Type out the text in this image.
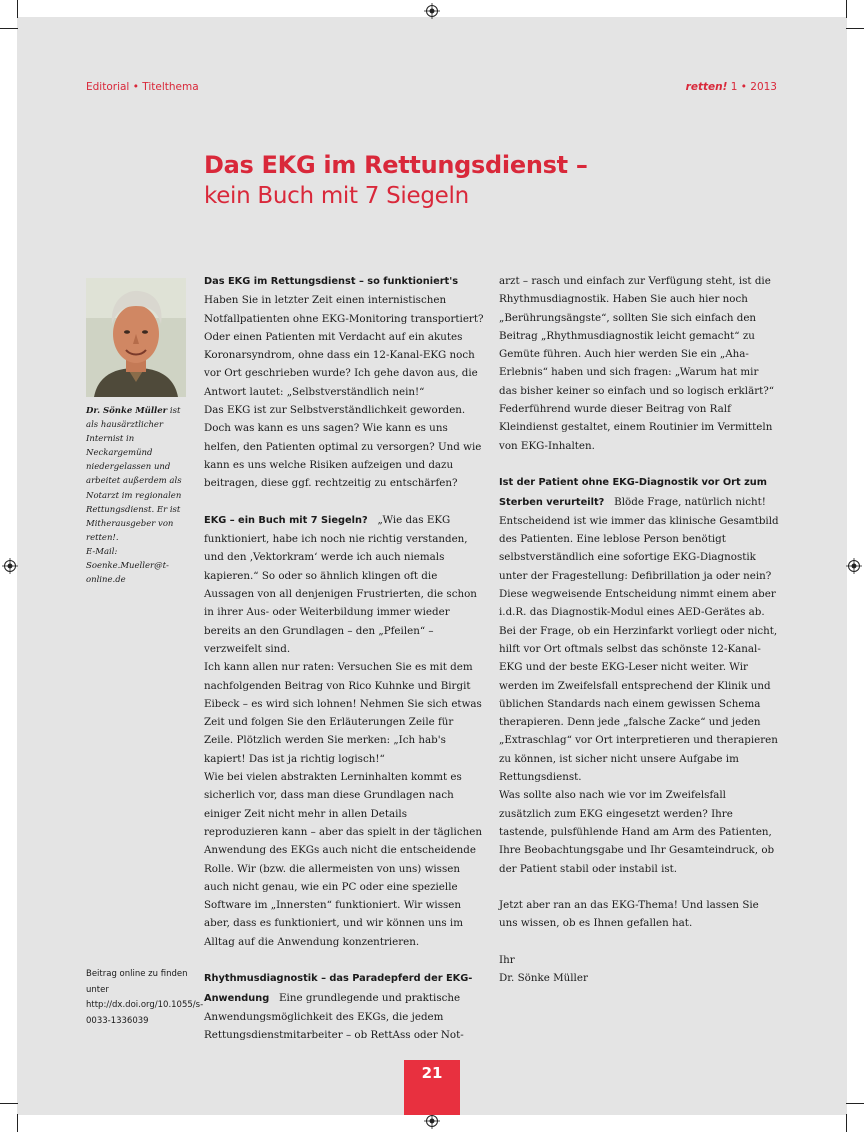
Editorial • Titelthema	retten! 1 • 2013
Das EKG im Rettungsdienst –
kein Buch mit 7 Siegeln
Dr. Sönke Müller ist als hausärztlicher Internist in Neckargemünd niedergelassen und arbeitet außerdem als Notarzt im regionalen Rettungsdienst. Er ist Mitherausgeber von retten!.
E-Mail: Soenke.Mueller@t-online.de
Beitrag online zu finden unter http://dx.doi.org/10.1055/s-0033-1336039

Das EKG im Rettungsdienst – so funktioniert's   Haben Sie in letzter Zeit einen internistischen Notfallpatienten ohne EKG-Monitoring transportiert? Oder einen Patienten mit Verdacht auf ein akutes Koronarsyndrom, ohne dass ein 12-Kanal-EKG noch vor Ort geschrieben wurde? Ich gehe davon aus, die Antwort lautet: „Selbstverständlich nein!“

Das EKG ist zur Selbstverständlichkeit geworden. Doch was kann es uns sagen? Wie kann es uns helfen, den Patienten optimal zu versorgen? Und wie kann es uns welche Risiken aufzeigen und dazu beitragen, diese ggf. rechtzeitig zu entschärfen?

EKG – ein Buch mit 7 Siegeln? „Wie das EKG funktioniert, habe ich noch nie richtig verstanden, und den ‚Vektorkram‘ werde ich auch niemals kapieren.“ So oder so ähnlich klingen oft die Aussagen von all denjenigen Frustrierten, die schon in ihrer Aus- oder Weiterbildung immer wieder bereits an den Grundlagen – den „Pfeilen“ – verzweifelt sind.

Ich kann allen nur raten: Versuchen Sie es mit dem nachfolgenden Beitrag von Rico Kuhnke und Birgit Eibeck – es wird sich lohnen! Nehmen Sie sich etwas Zeit und folgen Sie den Erläuterungen Zeile für Zeile. Plötzlich werden Sie merken: „Ich hab's kapiert! Das ist ja richtig logisch!“

Wie bei vielen abstrakten Lerninhalten kommt es sicherlich vor, dass man diese Grundlagen nach einiger Zeit nicht mehr in allen Details reproduzieren kann – aber das spielt in der täglichen Anwendung des EKGs auch nicht die entscheidende Rolle. Wir (bzw. die allermeisten von uns) wissen auch nicht genau, wie ein PC oder eine spezielle Software im „Innersten“ funktioniert. Wir wissen aber, dass es funktioniert, und wir können uns im Alltag auf die Anwendung konzentrieren.

Rhythmusdiagnostik – das Paradepferd der EKG-Anwendung Eine grundlegende und praktische Anwendungsmöglichkeit des EKGs, die jedem Rettungsdienstmitarbeiter – ob RettAss oder Not-

arzt – rasch und einfach zur Verfügung steht, ist die Rhythmusdiagnostik. Haben Sie auch hier noch „Berührungsängste“, sollten Sie sich einfach den Beitrag „Rhythmusdiagnostik leicht gemacht“ zu Gemüte führen. Auch hier werden Sie ein „Aha-Erlebnis“ haben und sich fragen: „Warum hat mir das bisher keiner so einfach und so logisch erklärt?“ Federführend wurde dieser Beitrag von Ralf Kleindienst gestaltet, einem Routinier im Vermitteln von EKG-Inhalten.

Ist der Patient ohne EKG-Diagnostik vor Ort zum Sterben verurteilt? Blöde Frage, natürlich nicht! Entscheidend ist wie immer das klinische Gesamtbild des Patienten. Eine leblose Person benötigt selbstverständlich eine sofortige EKG-Diagnostik unter der Fragestellung: Defibrillation ja oder nein? Diese wegweisende Entscheidung nimmt einem aber i.d.R. das Diagnostik-Modul eines AED-Gerätes ab.

Bei der Frage, ob ein Herzinfarkt vorliegt oder nicht, hilft vor Ort oftmals selbst das schönste 12-Kanal-EKG und der beste EKG-Leser nicht weiter. Wir werden im Zweifelsfall entsprechend der Klinik und üblichen Standards nach einem gewissen Schema therapieren. Denn jede „falsche Zacke“ und jeden „Extraschlag“ vor Ort interpretieren und therapieren zu können, ist sicher nicht unsere Aufgabe im Rettungsdienst.

Was sollte also nach wie vor im Zweifelsfall zusätzlich zum EKG eingesetzt werden? Ihre tastende, pulsfühlende Hand am Arm des Patienten, Ihre Beobachtungsgabe und Ihr Gesamteindruck, ob der Patient stabil oder instabil ist.

Jetzt aber ran an das EKG-Thema! Und lassen Sie uns wissen, ob es Ihnen gefallen hat.

Ihr

Dr. Sönke Müller

21
